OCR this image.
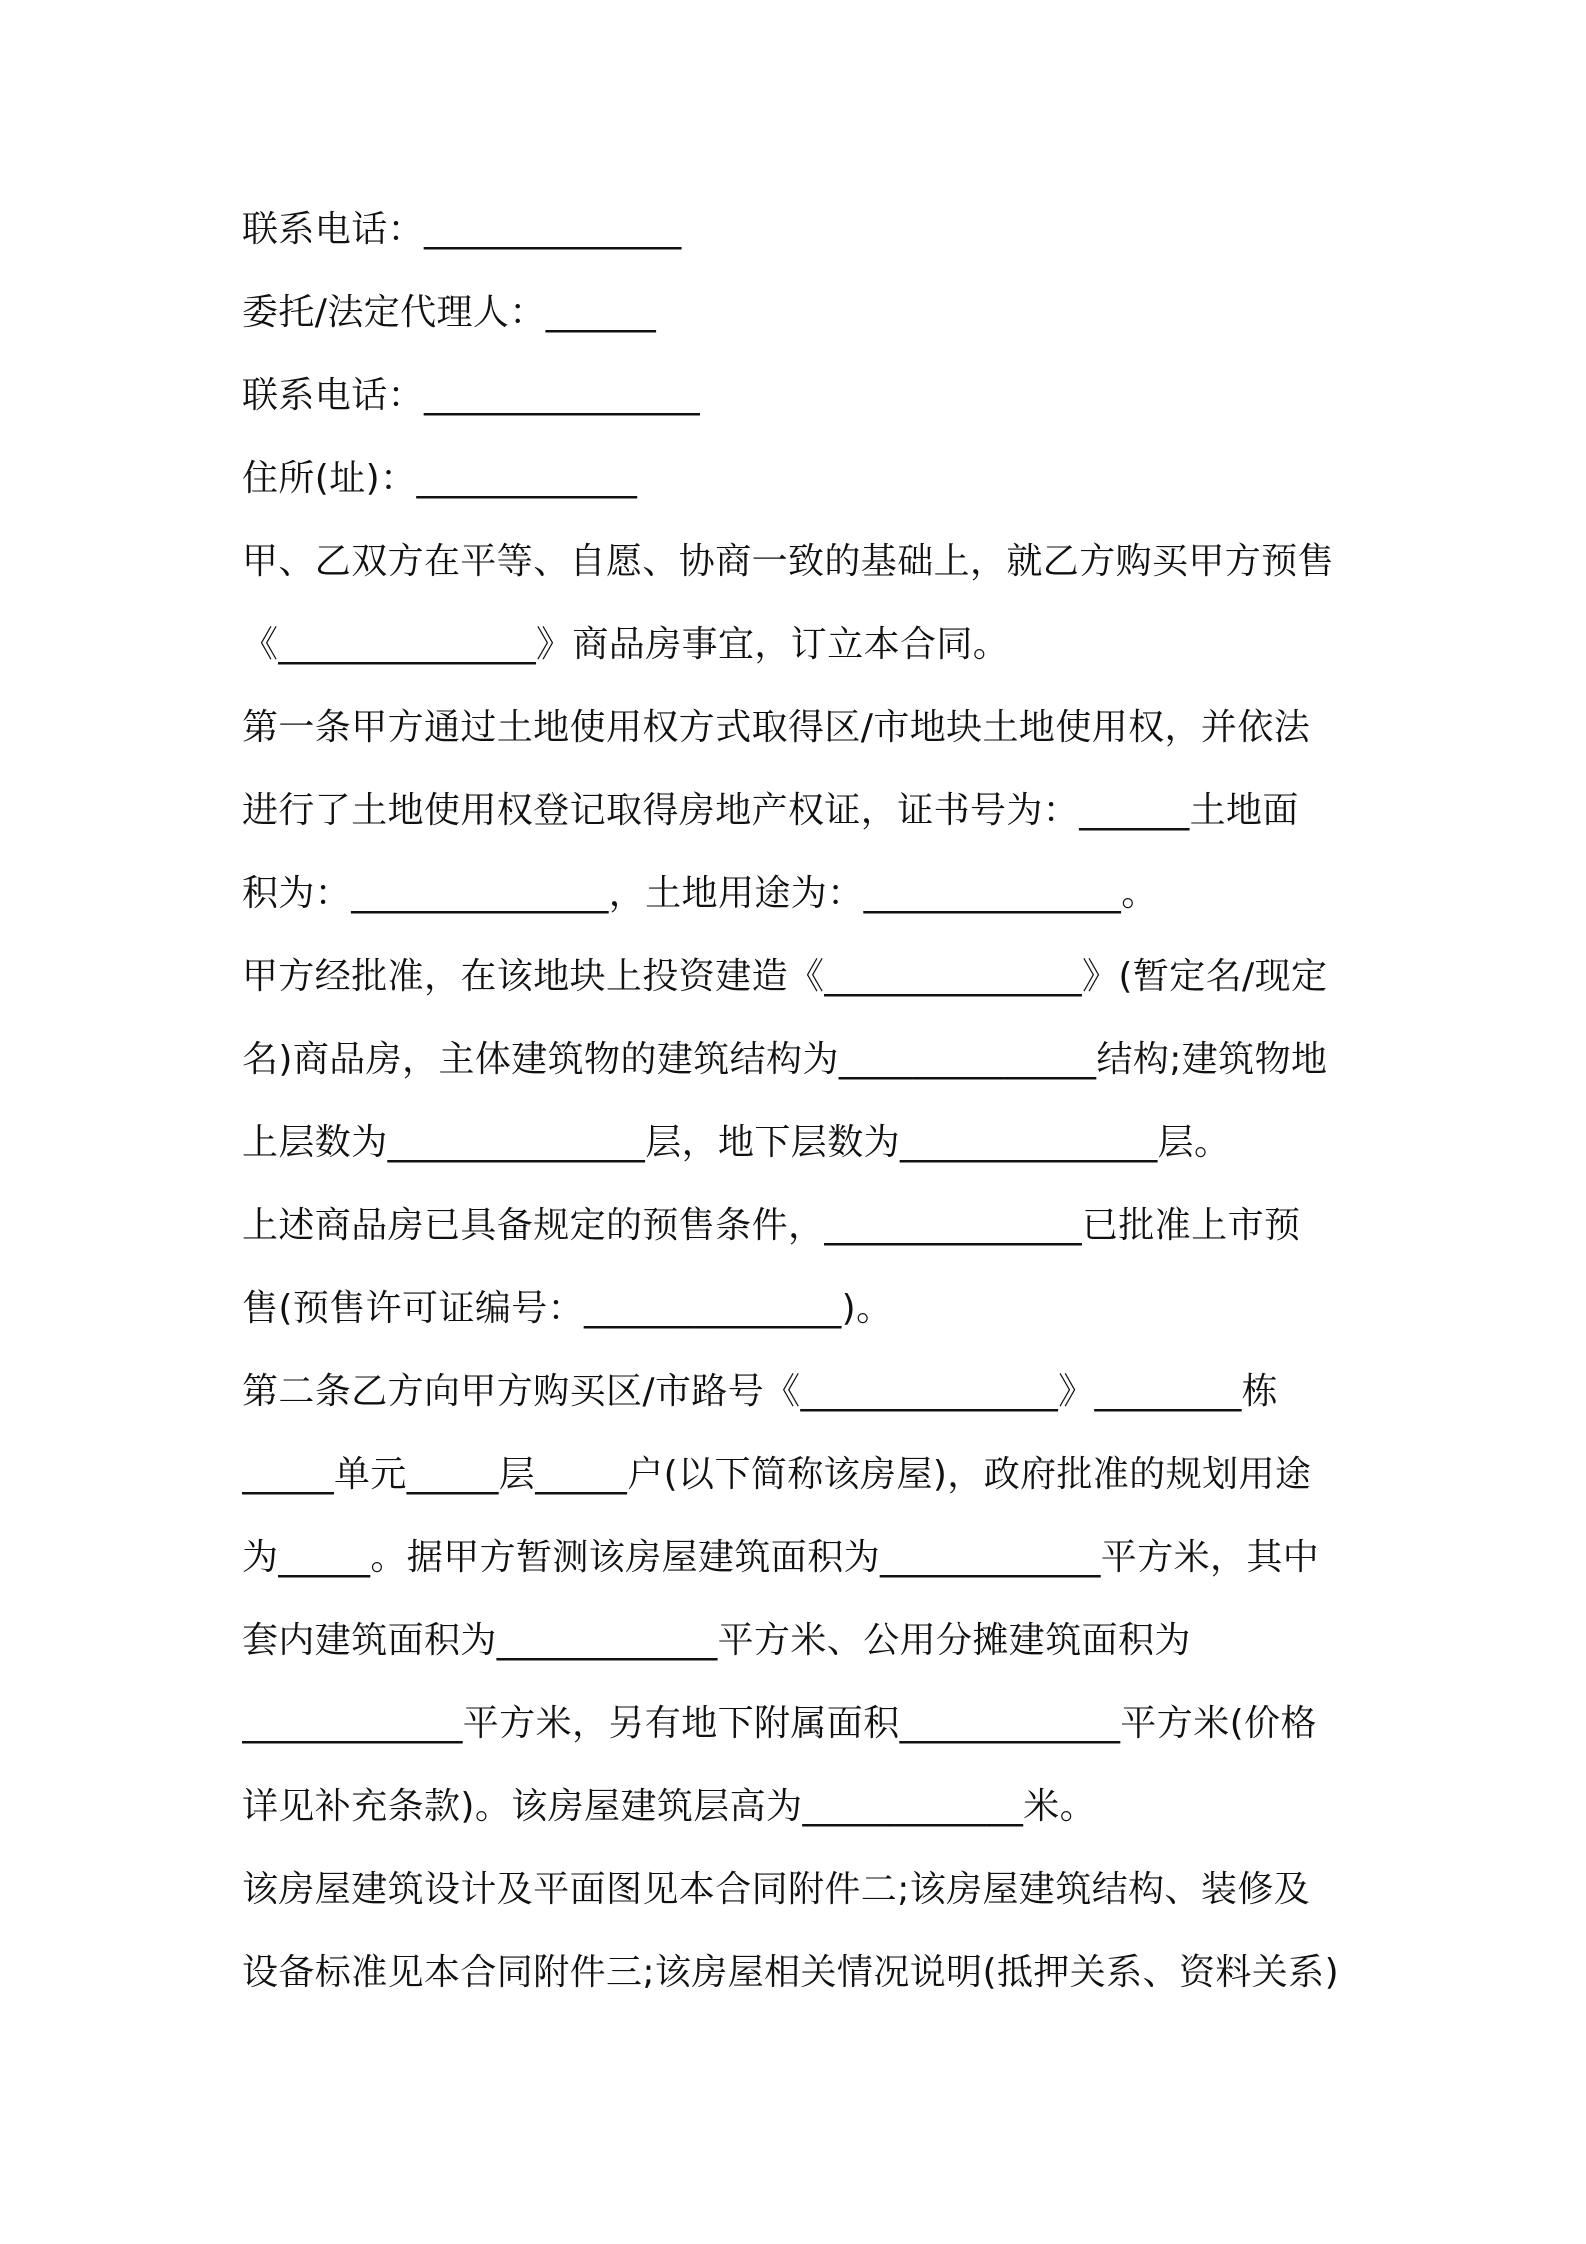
联系电话：______________
委托/法定代理人：______
联系电话：_______________
住所(址)：____________
甲、乙双方在平等、自愿、协商一致的基础上，就乙方购买甲方预售
《______________》商品房事宜，订立本合同。
第一条甲方通过土地使用权方式取得区/市地块土地使用权，并依法
进行了土地使用权登记取得房地产权证，证书号为：______土地面
积为：______________，土地用途为：______________。
甲方经批准，在该地块上投资建造《______________》(暂定名/现定
名)商品房，主体建筑物的建筑结构为______________结构;建筑物地
上层数为______________层，地下层数为______________层。
上述商品房已具备规定的预售条件，______________已批准上市预
售(预售许可证编号：______________)。
第二条乙方向甲方购买区/市路号《______________》________栋
_____单元_____层_____户(以下简称该房屋)，政府批准的规划用途
为_____。据甲方暂测该房屋建筑面积为____________平方米，其中
套内建筑面积为____________平方米、公用分摊建筑面积为
____________平方米，另有地下附属面积____________平方米(价格
详见补充条款)。该房屋建筑层高为____________米。
该房屋建筑设计及平面图见本合同附件二;该房屋建筑结构、装修及
设备标准见本合同附件三;该房屋相关情况说明(抵押关系、资料关系)
